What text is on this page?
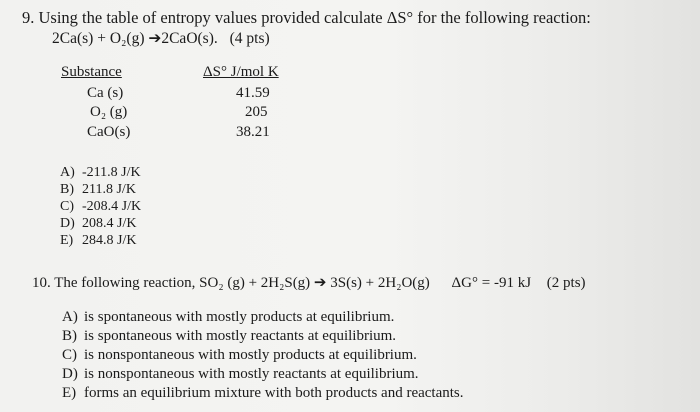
9. Using the table of entropy values provided calculate ΔS° for the following reaction:
2Ca(s) + O₂(g) ➔2CaO(s). (4 pts)
Substance	ΔS° J/mol K
Ca (s)	41.59
O₂ (g)	205
CaO(s)	38.21
A) -211.8 J/K
B) 211.8 J/K
C) -208.4 J/K
D) 208.4 J/K
E) 284.8 J/K
10. The following reaction, SO₂ (g) + 2H₂S(g) ➔ 3S(s) + 2H₂O(g) ΔG° = -91 kJ (2 pts)
A) is spontaneous with mostly products at equilibrium.
B) is spontaneous with mostly reactants at equilibrium.
C) is nonspontaneous with mostly products at equilibrium.
D) is nonspontaneous with mostly reactants at equilibrium.
E) forms an equilibrium mixture with both products and reactants.
